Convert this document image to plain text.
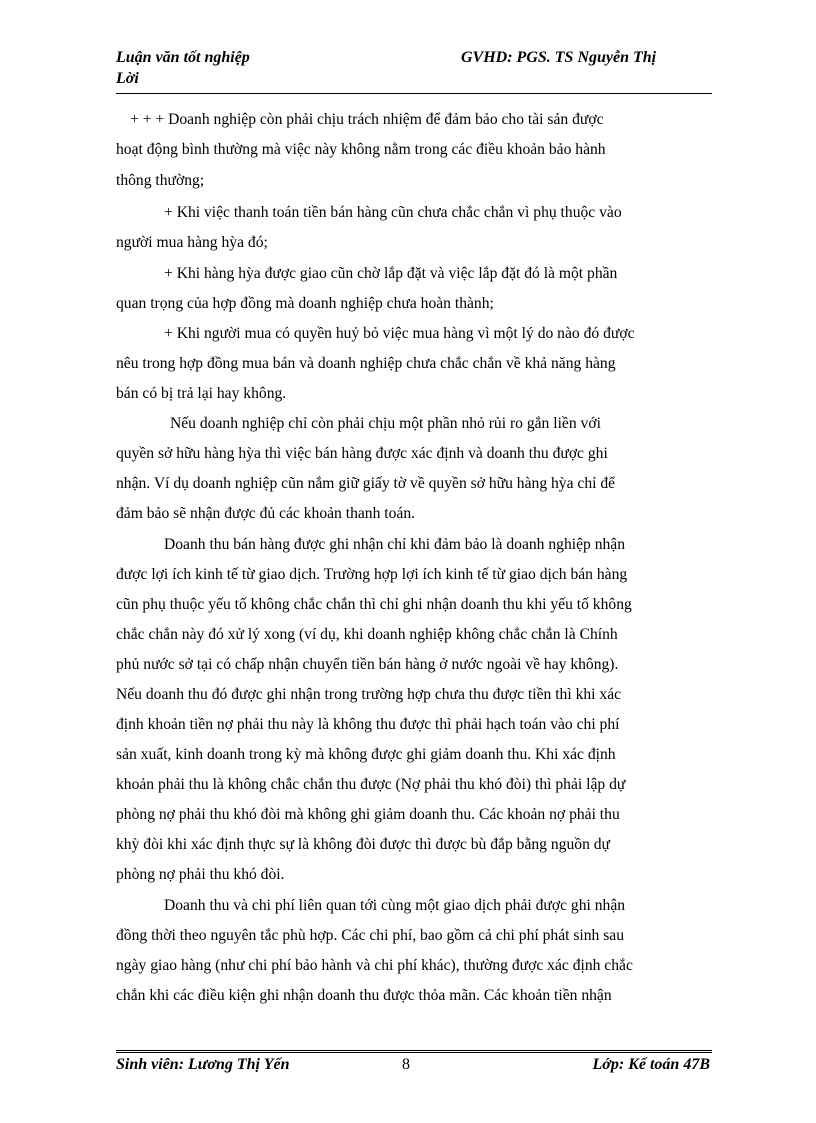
Luận văn tốt nghiệp
Lời
GVHD: PGS. TS Nguyễn Thị
+ + + Doanh nghiệp còn phải chịu trách nhiệm để đảm bảo cho tài sản được
hoạt động bình thường mà việc này không nằm trong các điều khoản bảo hành
thông thường;
+ Khi việc thanh toán tiền bán hàng cũn chưa chắc chắn vì phụ thuộc vào
người mua hàng hỳa đó;
+ Khi hàng hỳa được giao cũn chờ lắp đặt và việc lắp đặt đó là một phần
quan trọng của hợp đồng mà doanh nghiệp chưa hoàn thành;
+ Khi người mua có quyền huỷ bỏ việc mua hàng vì một lý do nào đó được
nêu trong hợp đồng mua bán và doanh nghiệp chưa chắc chắn về khả năng hàng
bán có bị trả lại hay không.
Nếu doanh nghiệp chỉ còn phải chịu một phần nhỏ rủi ro gắn liền với
quyền sở hữu hàng hỳa thì việc bán hàng được xác định và doanh thu được ghi
nhận. Ví dụ doanh nghiệp cũn nắm giữ giấy tờ về quyền sở hữu hàng hỳa chỉ để
đảm bảo sẽ nhận được đủ các khoản thanh toán.
Doanh thu bán hàng được ghi nhận chỉ khi đảm bảo là doanh nghiệp nhận
được lợi ích kinh tế từ giao dịch. Trường hợp lợi ích kinh tế từ giao dịch bán hàng
cũn phụ thuộc yếu tố không chắc chắn thì chỉ ghi nhận doanh thu khi yếu tố không
chắc chắn này đó xử lý xong (ví dụ, khi doanh nghiệp không chắc chắn là Chính
phủ nước sở tại có chấp nhận chuyển tiền bán hàng ở nước ngoài về hay không).
Nếu doanh thu đó được ghi nhận trong trường hợp chưa thu được tiền thì khi xác
định khoản tiền nợ phải thu này là không thu được thì phải hạch toán vào chi phí
sản xuất, kinh doanh trong kỳ mà không được ghi giảm doanh thu. Khi xác định
khoản phải thu là không chắc chắn thu được (Nợ phải thu khó đòi) thì phải lập dự
phòng nợ phải thu khó đòi mà không ghi giảm doanh thu. Các khoản nợ phải thu
khỳ đòi khi xác định thực sự là không đòi được thì được bù đắp bằng nguồn dự
phòng nợ phải thu khó đòi.
Doanh thu và chi phí liên quan tới cùng một giao dịch phải được ghi nhận
đồng thời theo nguyên tắc phù hợp. Các chi phí, bao gồm cả chi phí phát sinh sau
ngày giao hàng (như chi phí bảo hành và chi phí khác), thường được xác định chắc
chắn khi các điều kiện ghi nhận doanh thu được thỏa mãn. Các khoản tiền nhận
Sinh viên: Lương Thị Yến	8	Lớp: Kế toán 47B
